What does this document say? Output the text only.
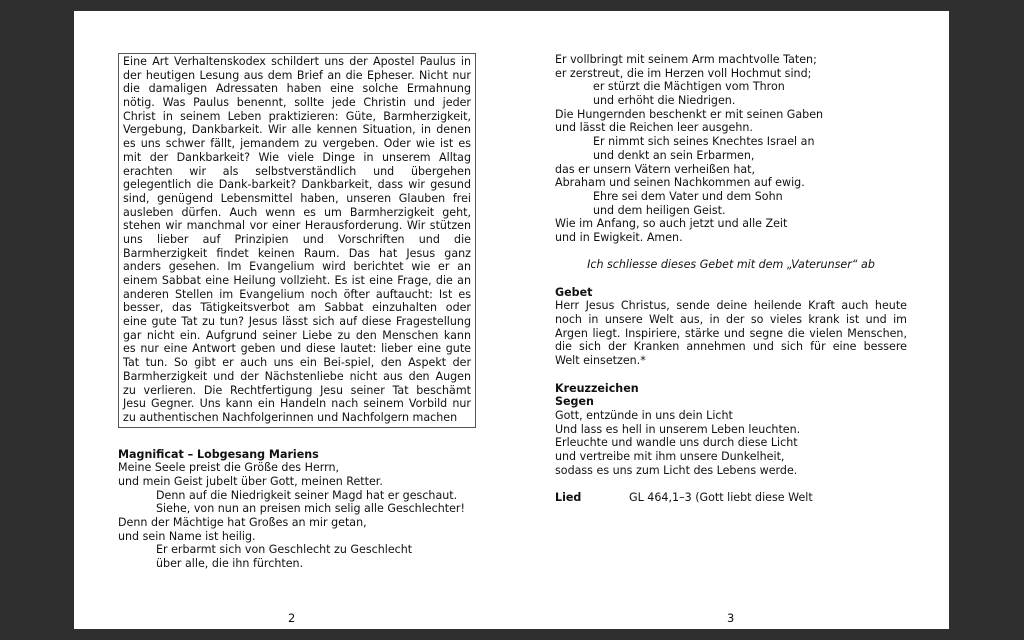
Eine Art Verhaltenskodex schildert uns der Apostel Paulus in
der heutigen Lesung aus dem Brief an die Epheser. Nicht nur
die damaligen Adressaten haben eine solche Ermahnung
nötig. Was Paulus benennt, sollte jede Christin und jeder
Christ in seinem Leben praktizieren: Güte, Barmherzigkeit,
Vergebung, Dankbarkeit. Wir alle kennen Situation, in denen
es uns schwer fällt, jemandem zu vergeben. Oder wie ist es
mit der Dankbarkeit? Wie viele Dinge in unserem Alltag
erachten wir als selbstverständlich und übergehen
gelegentlich die Dank-barkeit? Dankbarkeit, dass wir gesund
sind, genügend Lebensmittel haben, unseren Glauben frei
ausleben dürfen. Auch wenn es um Barmherzigkeit geht,
stehen wir manchmal vor einer Herausforderung. Wir stützen
uns lieber auf Prinzipien und Vorschriften und die
Barmherzigkeit findet keinen Raum. Das hat Jesus ganz
anders gesehen. Im Evangelium wird berichtet wie er an
einem Sabbat eine Heilung vollzieht. Es ist eine Frage, die an
anderen Stellen im Evangelium noch öfter auftaucht: Ist es
besser, das Tätigkeitsverbot am Sabbat einzuhalten oder
eine gute Tat zu tun? Jesus lässt sich auf diese Fragestellung
gar nicht ein. Aufgrund seiner Liebe zu den Menschen kann
es nur eine Antwort geben und diese lautet: lieber eine gute
Tat tun. So gibt er auch uns ein Bei-spiel, den Aspekt der
Barmherzigkeit und der Nächstenliebe nicht aus den Augen
zu verlieren. Die Rechtfertigung Jesu seiner Tat beschämt
Jesu Gegner. Uns kann ein Handeln nach seinem Vorbild nur
zu authentischen Nachfolgerinnen und Nachfolgern machen
Magnificat – Lobgesang Mariens
Meine Seele preist die Größe des Herrn,
und mein Geist jubelt über Gott, meinen Retter.
Denn auf die Niedrigkeit seiner Magd hat er geschaut.
Siehe, von nun an preisen mich selig alle Geschlechter!
Denn der Mächtige hat Großes an mir getan,
und sein Name ist heilig.
Er erbarmt sich von Geschlecht zu Geschlecht
über alle, die ihn fürchten.
Er vollbringt mit seinem Arm machtvolle Taten;
er zerstreut, die im Herzen voll Hochmut sind;
er stürzt die Mächtigen vom Thron
und erhöht die Niedrigen.
Die Hungernden beschenkt er mit seinen Gaben
und lässt die Reichen leer ausgehn.
Er nimmt sich seines Knechtes Israel an
und denkt an sein Erbarmen,
das er unsern Vätern verheißen hat,
Abraham und seinen Nachkommen auf ewig.
Ehre sei dem Vater und dem Sohn
und dem heiligen Geist.
Wie im Anfang, so auch jetzt und alle Zeit
und in Ewigkeit. Amen.
Ich schliesse dieses Gebet mit dem „Vaterunser“ ab
Gebet
Herr Jesus Christus, sende deine heilende Kraft auch heute
noch in unsere Welt aus, in der so vieles krank ist und im
Argen liegt. Inspiriere, stärke und segne die vielen Menschen,
die sich der Kranken annehmen und sich für eine bessere
Welt einsetzen.*
Kreuzzeichen
Segen
Gott, entzünde in uns dein Licht
Und lass es hell in unserem Leben leuchten.
Erleuchte und wandle uns durch diese Licht
und vertreibe mit ihm unsere Dunkelheit,
sodass es uns zum Licht des Lebens werde.
Lied	GL 464,1–3 (Gott liebt diese Welt
2	3
